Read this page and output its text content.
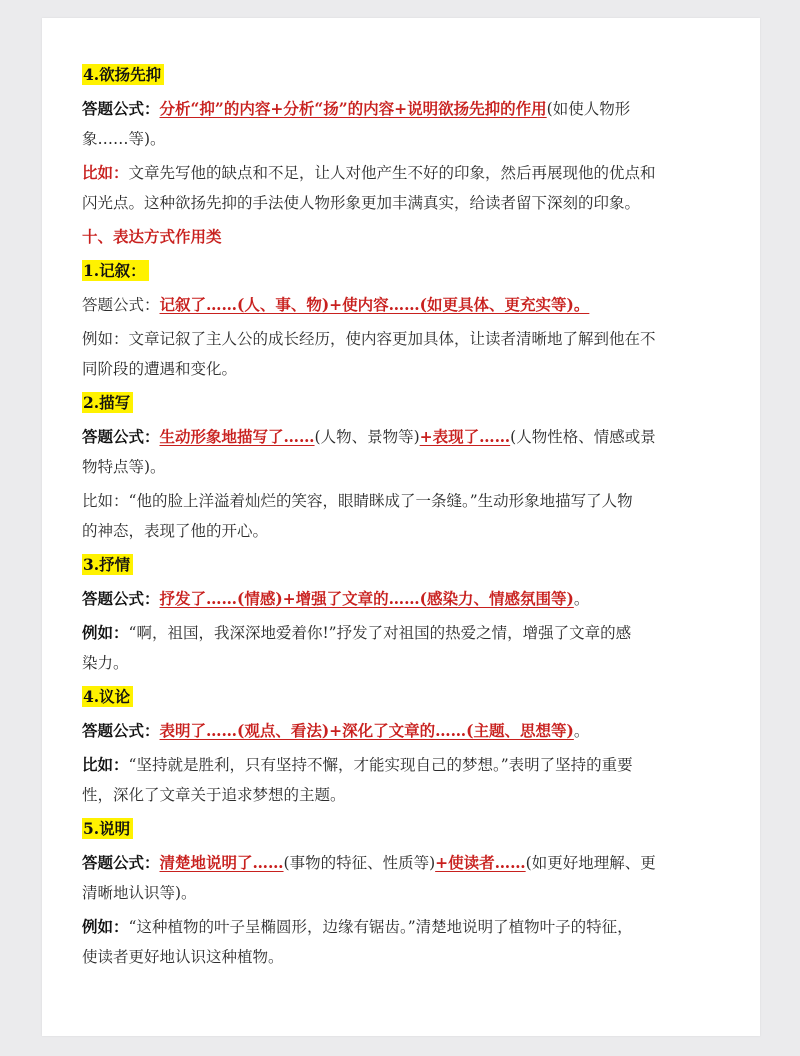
4.欲扬先抑
答题公式：分析“抑”的内容+分析“扬”的内容+说明欲扬先抑的作用(如使人物形
象……等)。
比如：文章先写他的缺点和不足，让人对他产生不好的印象，然后再展现他的优点和
闪光点。这种欲扬先抑的手法使人物形象更加丰满真实，给读者留下深刻的印象。
十、表达方式作用类
1.记叙：
答题公式：记叙了……(人、事、物)+使内容……(如更具体、更充实等)。
例如：文章记叙了主人公的成长经历，使内容更加具体，让读者清晰地了解到他在不
同阶段的遭遇和变化。
2.描写
答题公式：生动形象地描写了……(人物、景物等)+表现了……(人物性格、情感或景
物特点等)。
比如：“他的脸上洋溢着灿烂的笑容，眼睛眯成了一条缝。”生动形象地描写了人物
的神态，表现了他的开心。
3.抒情
答题公式：抒发了……(情感)+增强了文章的……(感染力、情感氛围等)。
例如：“啊，祖国，我深深地爱着你!”抒发了对祖国的热爱之情，增强了文章的感
染力。
4.议论
答题公式：表明了……(观点、看法)+深化了文章的……(主题、思想等)。
比如：“坚持就是胜利，只有坚持不懈，才能实现自己的梦想。”表明了坚持的重要
性，深化了文章关于追求梦想的主题。
5.说明
答题公式：清楚地说明了……(事物的特征、性质等)+使读者……(如更好地理解、更
清晰地认识等)。
例如：“这种植物的叶子呈椭圆形，边缘有锯齿。”清楚地说明了植物叶子的特征，
使读者更好地认识这种植物。
